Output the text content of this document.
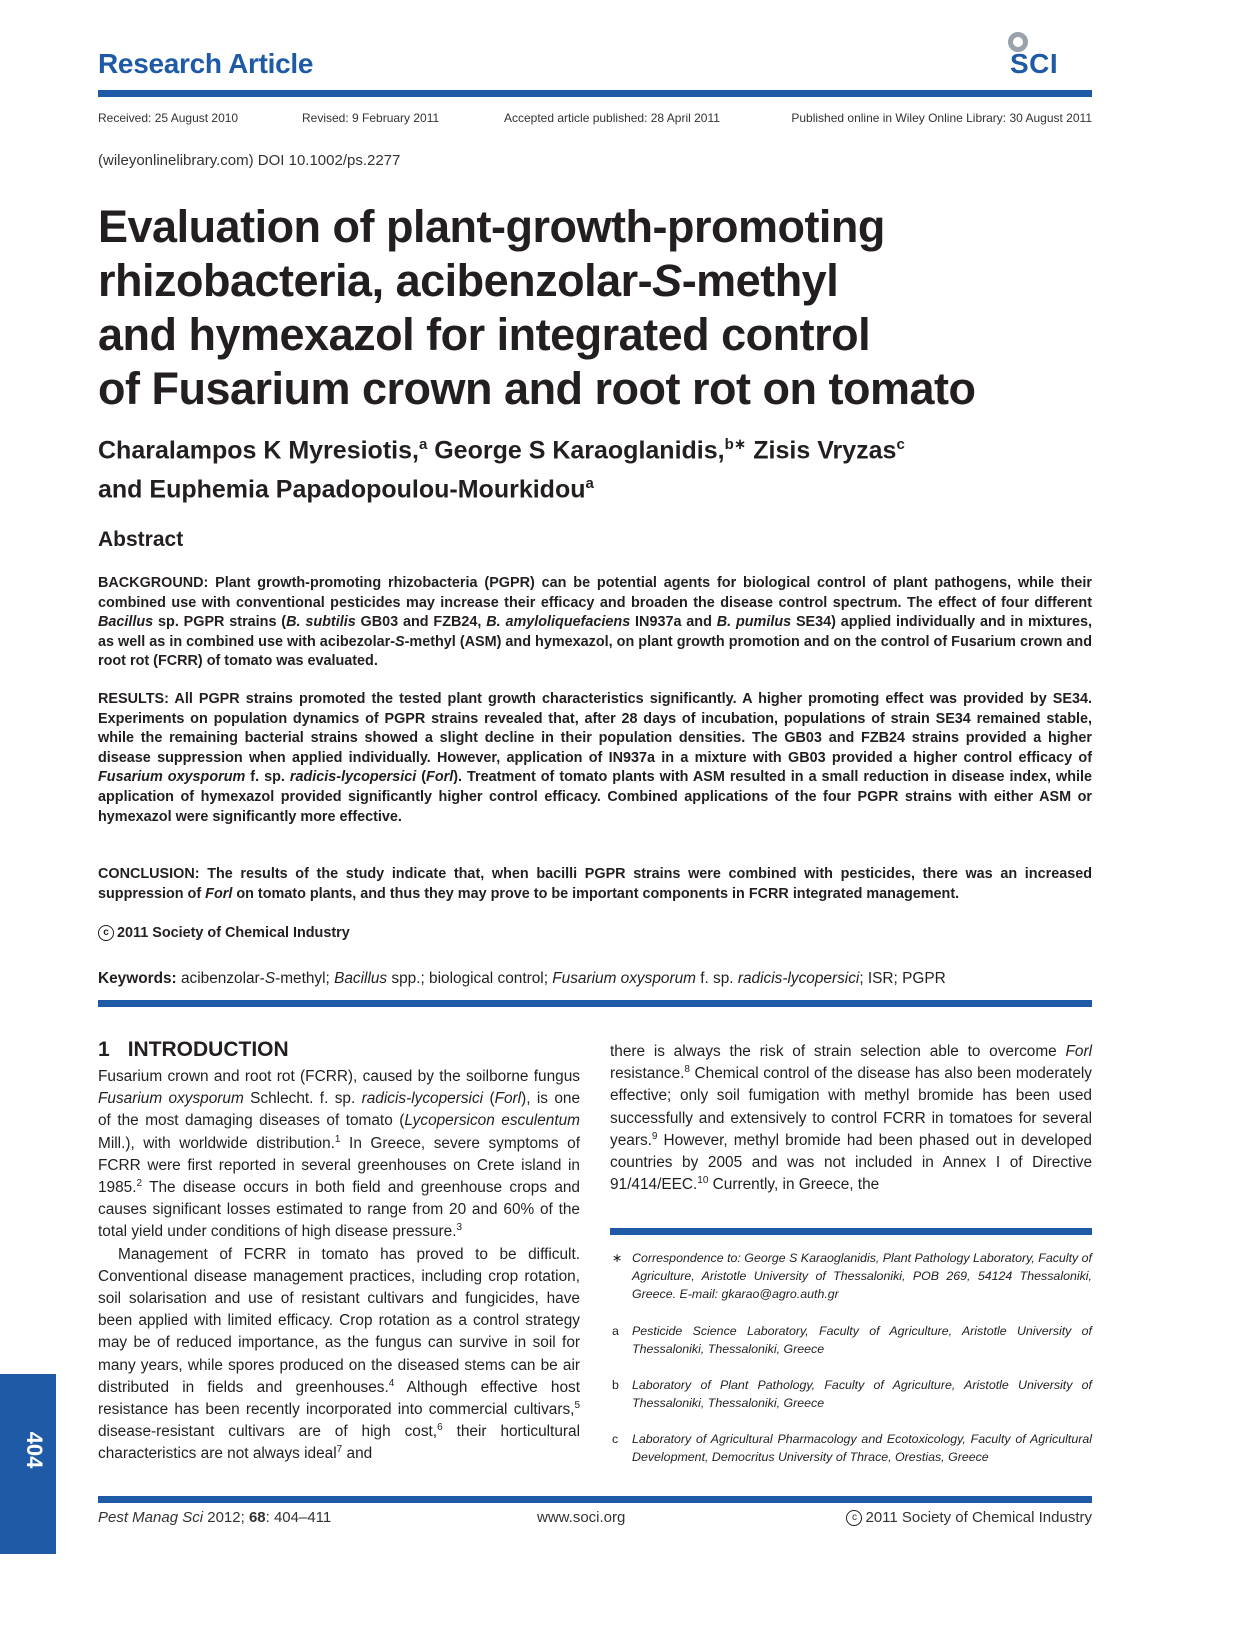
Research Article	SCI
Received: 25 August 2010	Revised: 9 February 2011	Accepted article published: 28 April 2011	Published online in Wiley Online Library: 30 August 2011
(wileyonlinelibrary.com) DOI 10.1002/ps.2277
Evaluation of plant-growth-promoting
rhizobacteria, acibenzolar-S-methyl
and hymexazol for integrated control
of Fusarium crown and root rot on tomato
Charalampos K Myresiotis,$^a$ George S Karaoglanidis,$^{b∗}$ Zisis Vryzas$^c$
and Euphemia Papadopoulou-Mourkidou$^a$
Abstract
BACKGROUND: Plant growth-promoting rhizobacteria (PGPR) can be potential agents for biological control of plant pathogens, while their combined use with conventional pesticides may increase their efficacy and broaden the disease control spectrum. The effect of four different Bacillus sp. PGPR strains (B. subtilis GB03 and FZB24, B. amyloliquefaciens IN937a and B. pumilus SE34) applied individually and in mixtures, as well as in combined use with acibezolar-S-methyl (ASM) and hymexazol, on plant growth promotion and on the control of Fusarium crown and root rot (FCRR) of tomato was evaluated.
RESULTS: All PGPR strains promoted the tested plant growth characteristics significantly. A higher promoting effect was provided by SE34. Experiments on population dynamics of PGPR strains revealed that, after 28 days of incubation, populations of strain SE34 remained stable, while the remaining bacterial strains showed a slight decline in their population densities. The GB03 and FZB24 strains provided a higher disease suppression when applied individually. However, application of IN937a in a mixture with GB03 provided a higher control efficacy of Fusarium oxysporum f. sp. radicis-lycopersici (Forl). Treatment of tomato plants with ASM resulted in a small reduction in disease index, while application of hymexazol provided significantly higher control efficacy. Combined applications of the four PGPR strains with either ASM or hymexazol were significantly more effective.
CONCLUSION: The results of the study indicate that, when bacilli PGPR strains were combined with pesticides, there was an increased suppression of Forl on tomato plants, and thus they may prove to be important components in FCRR integrated management.
c 2011 Society of Chemical Industry
Keywords: acibenzolar-S-methyl; Bacillus spp.; biological control; Fusarium oxysporum f. sp. radicis-lycopersici; ISR; PGPR
1 INTRODUCTION
Fusarium crown and root rot (FCRR), caused by the soilborne fungus Fusarium oxysporum Schlecht. f. sp. radicis-lycopersici (Forl), is one of the most damaging diseases of tomato (Lycopersicon esculentum Mill.), with worldwide distribution.$^1$ In Greece, severe symptoms of FCRR were first reported in several greenhouses on Crete island in 1985.$^2$ The disease occurs in both field and greenhouse crops and causes significant losses estimated to range from 20 and 60% of the total yield under conditions of high disease pressure.$^3$
Management of FCRR in tomato has proved to be difficult. Conventional disease management practices, including crop rotation, soil solarisation and use of resistant cultivars and fungicides, have been applied with limited efficacy. Crop rotation as a control strategy may be of reduced importance, as the fungus can survive in soil for many years, while spores produced on the diseased stems can be air distributed in fields and greenhouses.$^4$ Although effective host resistance has been recently incorporated into commercial cultivars,$^5$ disease-resistant cultivars are of high cost,$^6$ their horticultural characteristics are not always ideal$^7$ and
there is always the risk of strain selection able to overcome Forl resistance.$^8$ Chemical control of the disease has also been moderately effective; only soil fumigation with methyl bromide has been used successfully and extensively to control FCRR in tomatoes for several years.$^9$ However, methyl bromide had been phased out in developed countries by 2005 and was not included in Annex I of Directive 91/414/EEC.$^{10}$ Currently, in Greece, the
∗ Correspondence to: George S Karaoglanidis, Plant Pathology Laboratory, Faculty of Agriculture, Aristotle University of Thessaloniki, POB 269, 54124 Thessaloniki, Greece. E-mail: gkarao@agro.auth.gr
a Pesticide Science Laboratory, Faculty of Agriculture, Aristotle University of Thessaloniki, Thessaloniki, Greece
b Laboratory of Plant Pathology, Faculty of Agriculture, Aristotle University of Thessaloniki, Thessaloniki, Greece
c Laboratory of Agricultural Pharmacology and Ecotoxicology, Faculty of Agricultural Development, Democritus University of Thrace, Orestias, Greece
404
Pest Manag Sci 2012; 68: 404–411	www.soci.org	c 2011 Society of Chemical Industry
